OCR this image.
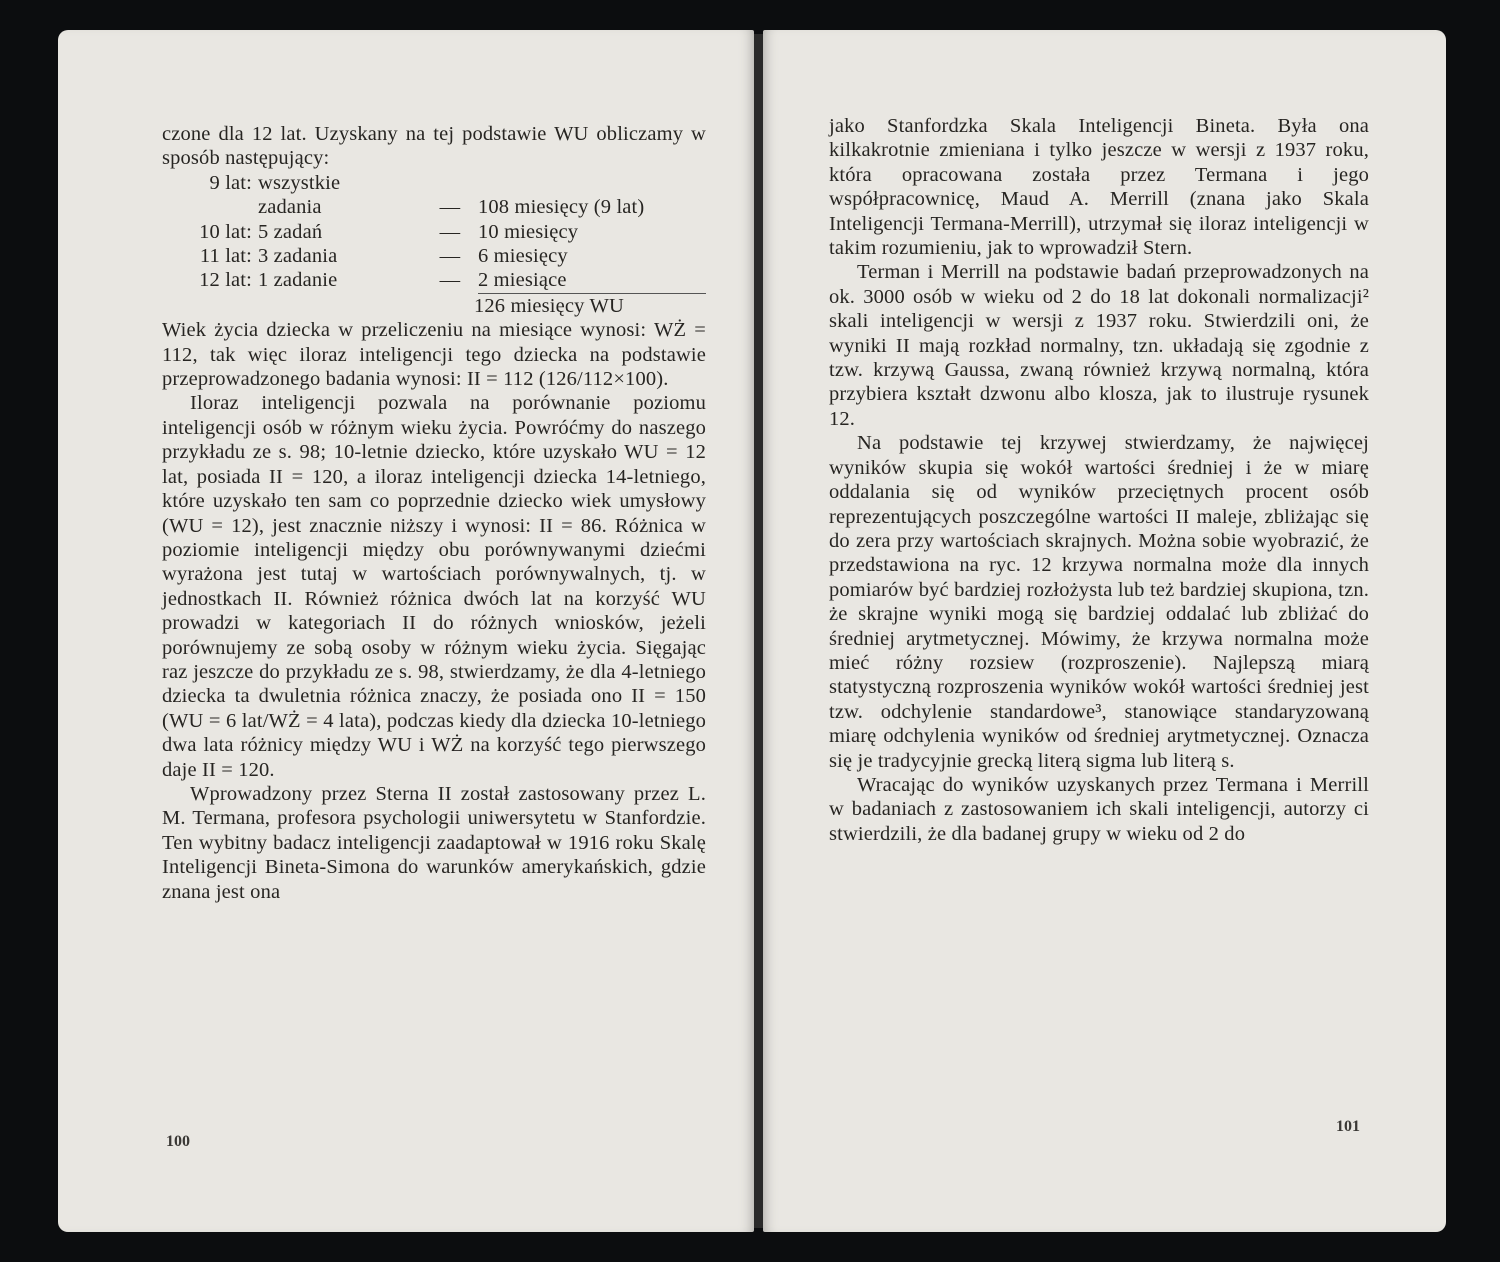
czone dla 12 lat. Uzyskany na tej podstawie WU obliczamy w sposób następujący:

9 lat: wszystkie
zadania	— 108 miesięcy (9 lat)
10 lat: 5 zadań	— 10 miesięcy
11 lat: 3 zadania	— 6 miesięcy
12 lat: 1 zadanie	— 2 miesiące
126 miesięcy WU

Wiek życia dziecka w przeliczeniu na miesiące wynosi: WŻ = 112, tak więc iloraz inteligencji tego dziecka na podstawie przeprowadzonego badania wynosi: II = 112 (126/112×100).

Iloraz inteligencji pozwala na porównanie poziomu inteligencji osób w różnym wieku życia. Powróćmy do naszego przykładu ze s. 98; 10-letnie dziecko, które uzyskało WU = 12 lat, posiada II = 120, a iloraz inteligencji dziecka 14-letniego, które uzyskało ten sam co poprzednie dziecko wiek umysłowy (WU = 12), jest znacznie niższy i wynosi: II = 86. Różnica w poziomie inteligencji między obu porównywanymi dziećmi wyrażona jest tutaj w wartościach porównywalnych, tj. w jednostkach II. Również różnica dwóch lat na korzyść WU prowadzi w kategoriach II do różnych wniosków, jeżeli porównujemy ze sobą osoby w różnym wieku życia. Sięgając raz jeszcze do przykładu ze s. 98, stwierdzamy, że dla 4-letniego dziecka ta dwuletnia różnica znaczy, że posiada ono II = 150 (WU = 6 lat/WŻ = 4 lata), podczas kiedy dla dziecka 10-letniego dwa lata różnicy między WU i WŻ na korzyść tego pierwszego daje II = 120.

Wprowadzony przez Sterna II został zastosowany przez L. M. Termana, profesora psychologii uniwersytetu w Stanfordzie. Ten wybitny badacz inteligencji zaadaptował w 1916 roku Skalę Inteligencji Bineta-Simona do warunków amerykańskich, gdzie znana jest ona

100

jako Stanfordzka Skala Inteligencji Bineta. Była ona kilkakrotnie zmieniana i tylko jeszcze w wersji z 1937 roku, która opracowana została przez Termana i jego współpracownicę, Maud A. Merrill (znana jako Skala Inteligencji Termana-Merrill), utrzymał się iloraz inteligencji w takim rozumieniu, jak to wprowadził Stern.

Terman i Merrill na podstawie badań przeprowadzonych na ok. 3000 osób w wieku od 2 do 18 lat dokonali normalizacji² skali inteligencji w wersji z 1937 roku. Stwierdzili oni, że wyniki II mają rozkład normalny, tzn. układają się zgodnie z tzw. krzywą Gaussa, zwaną również krzywą normalną, która przybiera kształt dzwonu albo klosza, jak to ilustruje rysunek 12.

Na podstawie tej krzywej stwierdzamy, że najwięcej wyników skupia się wokół wartości średniej i że w miarę oddalania się od wyników przeciętnych procent osób reprezentujących poszczególne wartości II maleje, zbliżając się do zera przy wartościach skrajnych. Można sobie wyobrazić, że przedstawiona na ryc. 12 krzywa normalna może dla innych pomiarów być bardziej rozłożysta lub też bardziej skupiona, tzn. że skrajne wyniki mogą się bardziej oddalać lub zbliżać do średniej arytmetycznej. Mówimy, że krzywa normalna może mieć różny rozsiew (rozproszenie). Najlepszą miarą statystyczną rozproszenia wyników wokół wartości średniej jest tzw. odchylenie standardowe³, stanowiące standaryzowaną miarę odchylenia wyników od średniej arytmetycznej. Oznacza się je tradycyjnie grecką literą sigma lub literą s.

Wracając do wyników uzyskanych przez Termana i Merrill w badaniach z zastosowaniem ich skali inteligencji, autorzy ci stwierdzili, że dla badanej grupy w wieku od 2 do

101
